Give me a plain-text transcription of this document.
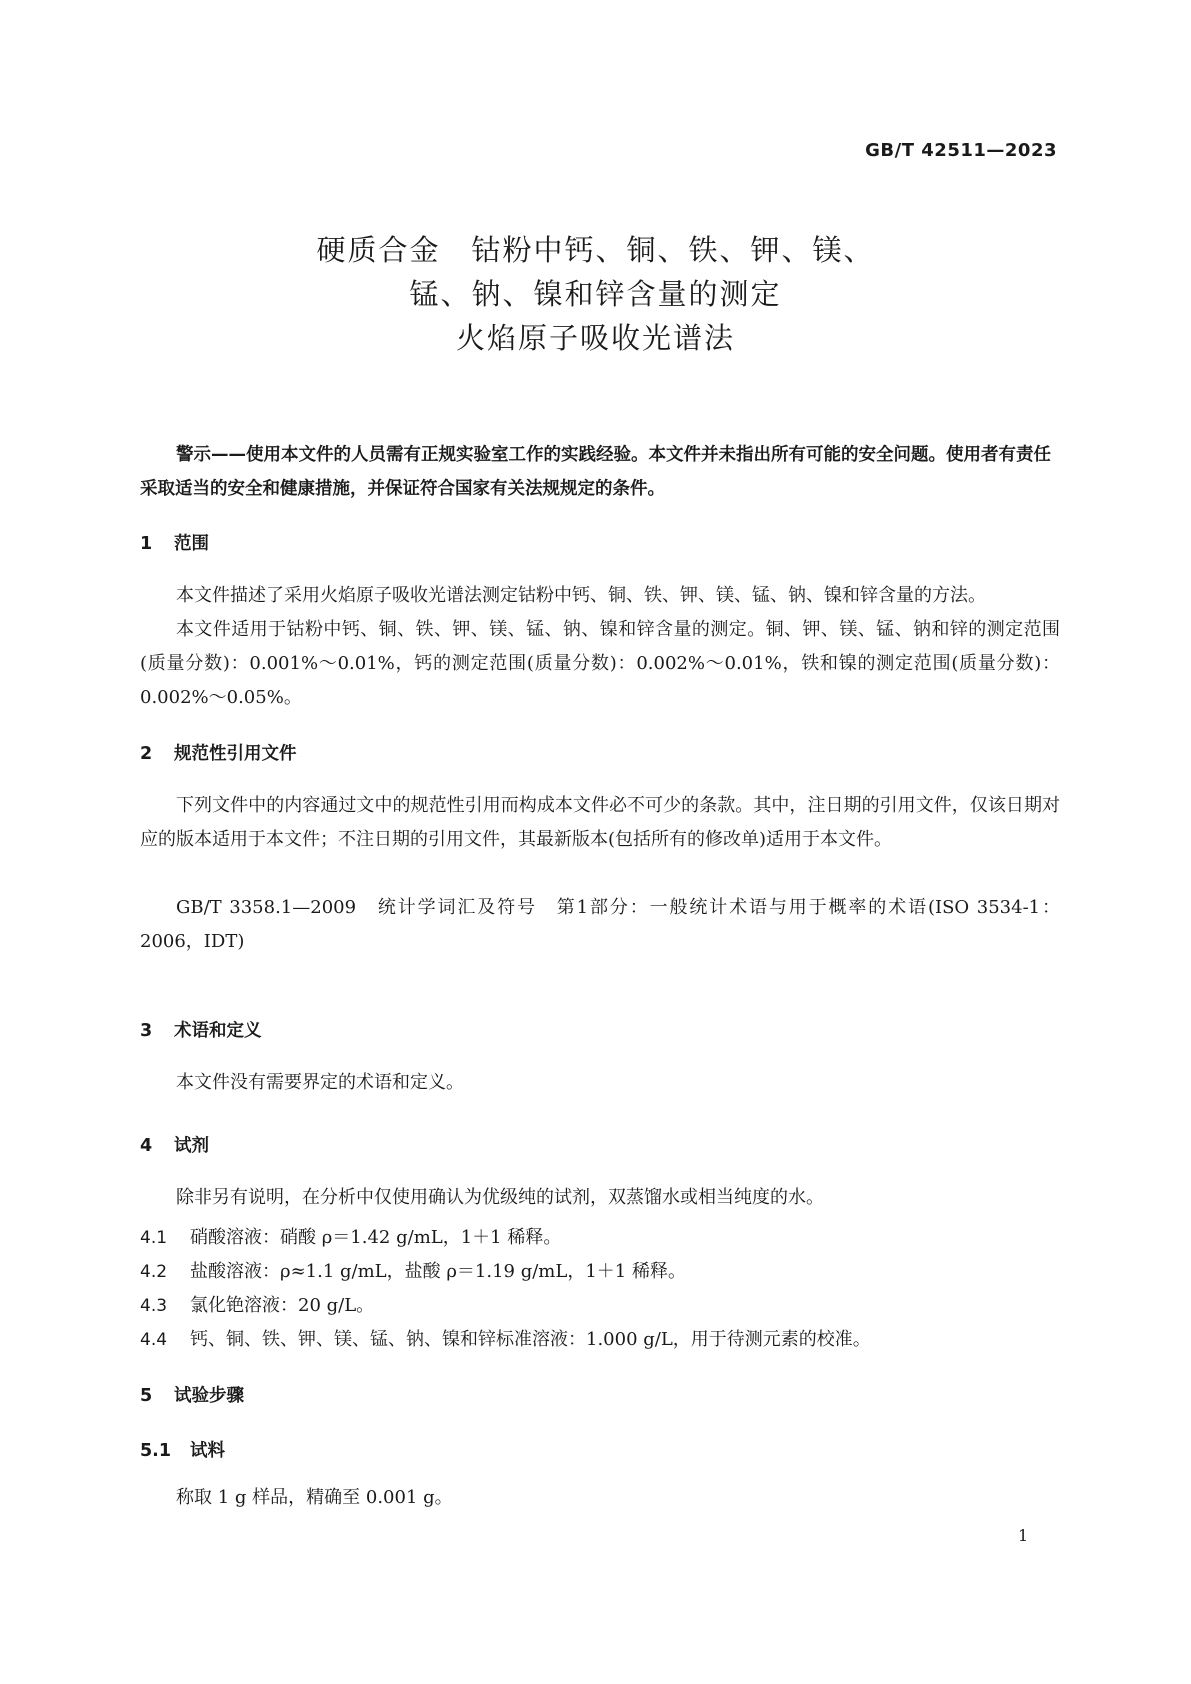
GB/T 42511—2023
硬质合金　钴粉中钙、铜、铁、钾、镁、
锰、钠、镍和锌含量的测定
火焰原子吸收光谱法
警示——使用本文件的人员需有正规实验室工作的实践经验。本文件并未指出所有可能的安全问题。使用者有责任采取适当的安全和健康措施，并保证符合国家有关法规规定的条件。
1 范围
本文件描述了采用火焰原子吸收光谱法测定钴粉中钙、铜、铁、钾、镁、锰、钠、镍和锌含量的方法。
本文件适用于钴粉中钙、铜、铁、钾、镁、锰、钠、镍和锌含量的测定。铜、钾、镁、锰、钠和锌的测定范围(质量分数)：0.001%～0.01%，钙的测定范围(质量分数)：0.002%～0.01%，铁和镍的测定范围(质量分数)：0.002%～0.05%。
2 规范性引用文件
下列文件中的内容通过文中的规范性引用而构成本文件必不可少的条款。其中，注日期的引用文件，仅该日期对应的版本适用于本文件；不注日期的引用文件，其最新版本(包括所有的修改单)适用于本文件。
GB/T 3358.1—2009　统计学词汇及符号　第1部分：一般统计术语与用于概率的术语(ISO 3534-1：2006，IDT)
3 术语和定义
本文件没有需要界定的术语和定义。
4 试剂
除非另有说明，在分析中仅使用确认为优级纯的试剂，双蒸馏水或相当纯度的水。
4.1 硝酸溶液：硝酸 ρ＝1.42 g/mL，1＋1 稀释。
4.2 盐酸溶液：ρ≈1.1 g/mL，盐酸 ρ＝1.19 g/mL，1＋1 稀释。
4.3 氯化铯溶液：20 g/L。
4.4 钙、铜、铁、钾、镁、锰、钠、镍和锌标准溶液：1.000 g/L，用于待测元素的校准。
5 试验步骤
5.1 试料
称取 1 g 样品，精确至 0.001 g。
1
